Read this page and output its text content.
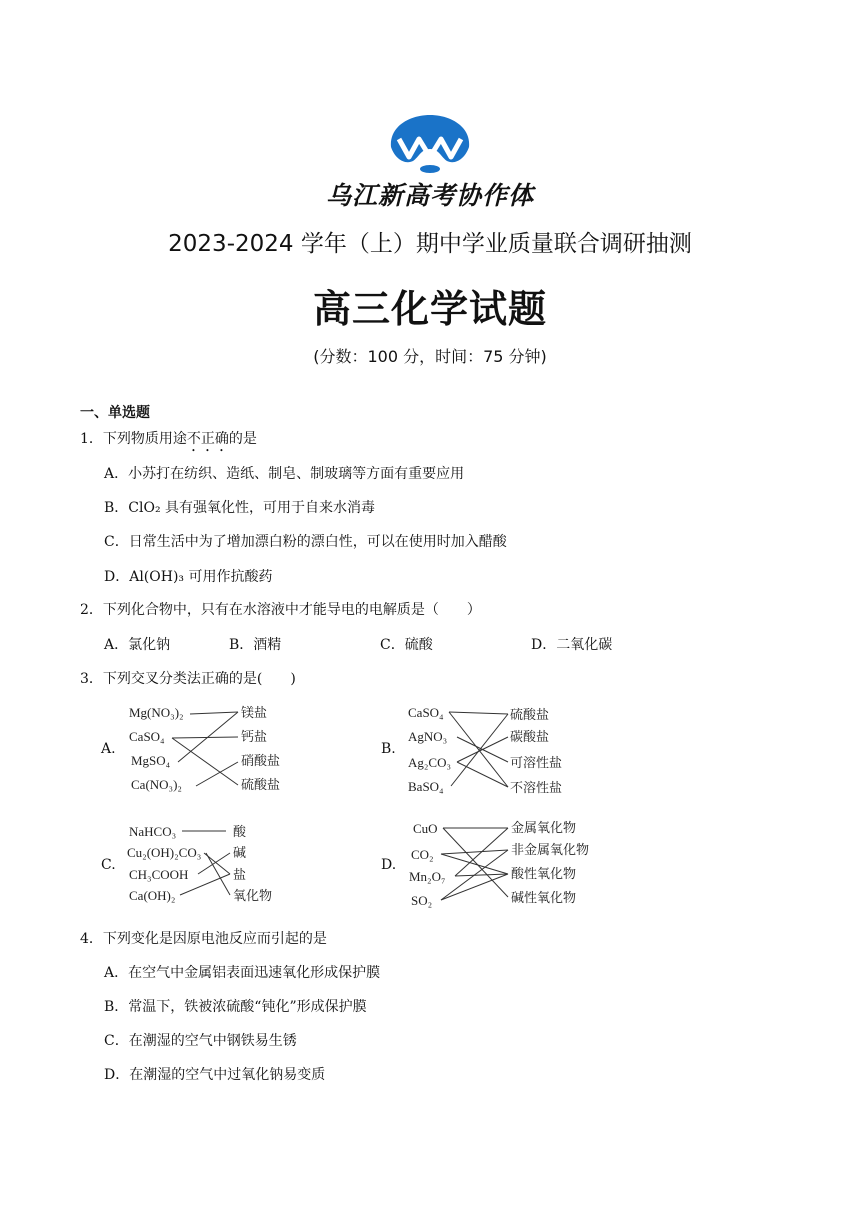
乌江新高考协作体
2023-2024 学年（上）期中学业质量联合调研抽测
高三化学试题
(分数：100 分，时间：75 分钟)
一、单选题
1．下列物质用途不正确的是
A．小苏打在纺织、造纸、制皂、制玻璃等方面有重要应用
B．ClO₂ 具有强氧化性，可用于自来水消毒
C．日常生活中为了增加漂白粉的漂白性，可以在使用时加入醋酸
D．Al(OH)₃ 可用作抗酸药
2．下列化合物中，只有在水溶液中才能导电的电解质是（　　）
A．氯化钠	B．酒精	C．硫酸	D．二氧化碳
3．下列交叉分类法正确的是(　　)
A.
Mg(NO₃)₂
CaSO₄
MgSO₄
Ca(NO₃)₂
镁盐
钙盐
硝酸盐
硫酸盐
B.
CaSO₄
AgNO₃
Ag₂CO₃
BaSO₄
硫酸盐
碳酸盐
可溶性盐
不溶性盐
C.
NaHCO₃
Cu₂(OH)₂CO₃
CH₃COOH
Ca(OH)₂
酸
碱
盐
氧化物
D.
CuO
CO₂
Mn₂O₇
SO₂
金属氧化物
非金属氧化物
酸性氧化物
碱性氧化物
4．下列变化是因原电池反应而引起的是
A．在空气中金属铝表面迅速氧化形成保护膜
B．常温下，铁被浓硫酸“钝化”形成保护膜
C．在潮湿的空气中钢铁易生锈
D．在潮湿的空气中过氧化钠易变质
